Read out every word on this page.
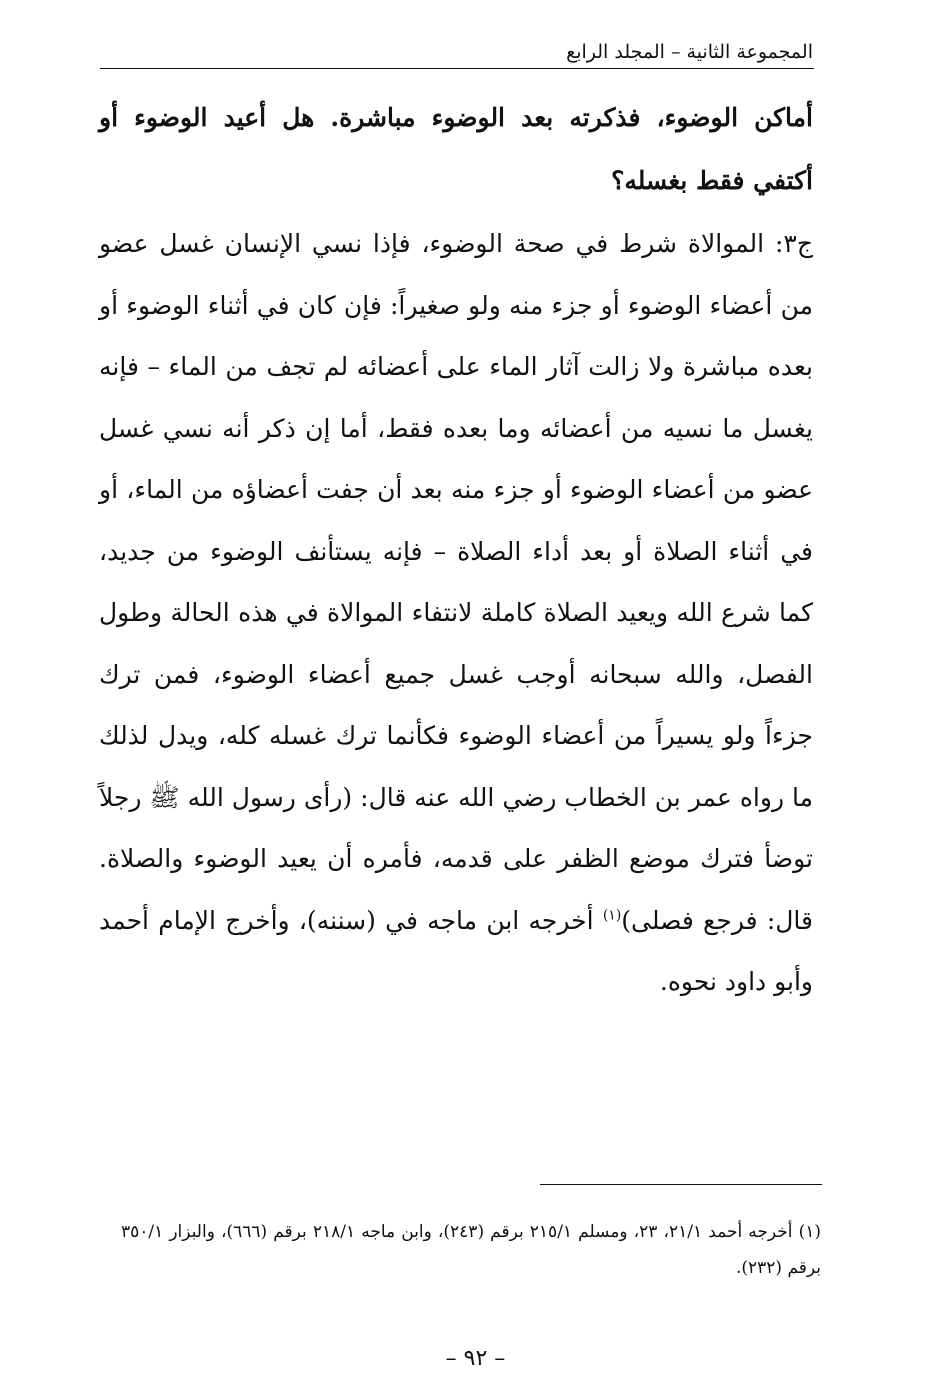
المجموعة الثانية – المجلد الرابع

أماكن الوضوء، فذكرته بعد الوضوء مباشرة. هل أعيد الوضوء أو أكتفي فقط بغسله؟

ج٣: الموالاة شرط في صحة الوضوء، فإذا نسي الإنسان غسل عضو من أعضاء الوضوء أو جزء منه ولو صغيراً: فإن كان في أثناء الوضوء أو بعده مباشرة ولا زالت آثار الماء على أعضائه لم تجف من الماء – فإنه يغسل ما نسيه من أعضائه وما بعده فقط، أما إن ذكر أنه نسي غسل عضو من أعضاء الوضوء أو جزء منه بعد أن جفت أعضاؤه من الماء، أو في أثناء الصلاة أو بعد أداء الصلاة – فإنه يستأنف الوضوء من جديد، كما شرع الله ويعيد الصلاة كاملة لانتفاء الموالاة في هذه الحالة وطول الفصل، والله سبحانه أوجب غسل جميع أعضاء الوضوء، فمن ترك جزءاً ولو يسيراً من أعضاء الوضوء فكأنما ترك غسله كله، ويدل لذلك ما رواه عمر بن الخطاب رضي الله عنه قال: (رأى رسول الله ﷺ رجلاً توضأ فترك موضع الظفر على قدمه، فأمره أن يعيد الوضوء والصلاة. قال: فرجع فصلى)$^{(١)}$ أخرجه ابن ماجه في (سننه)، وأخرج الإمام أحمد وأبو داود نحوه.

(١) أخرجه أحمد ٢١/١، ٢٣، ومسلم ٢١٥/١ برقم (٢٤٣)، وابن ماجه ٢١٨/١ برقم (٦٦٦)، والبزار ٣٥٠/١ برقم (٢٣٢).

– ٩٢ –
